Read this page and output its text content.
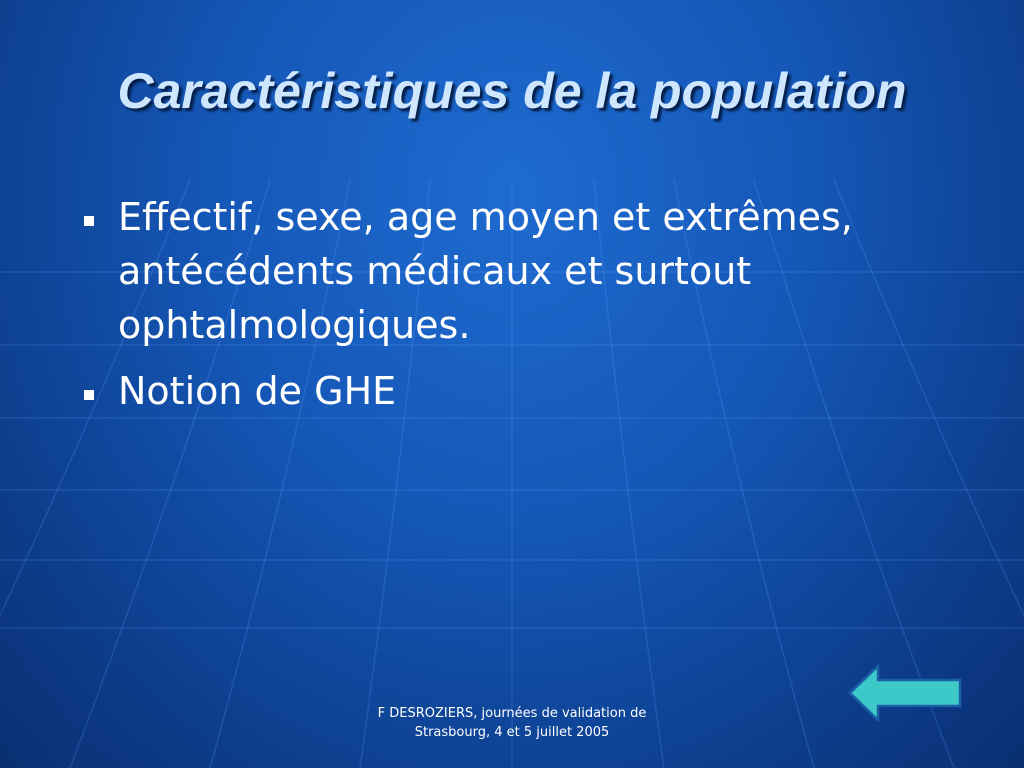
Caractéristiques de la population
Effectif, sexe, age moyen et extrêmes, antécédents médicaux et surtout ophtalmologiques.
Notion de GHE
F DESROZIERS, journées de validation de
Strasbourg, 4 et 5 juillet 2005
